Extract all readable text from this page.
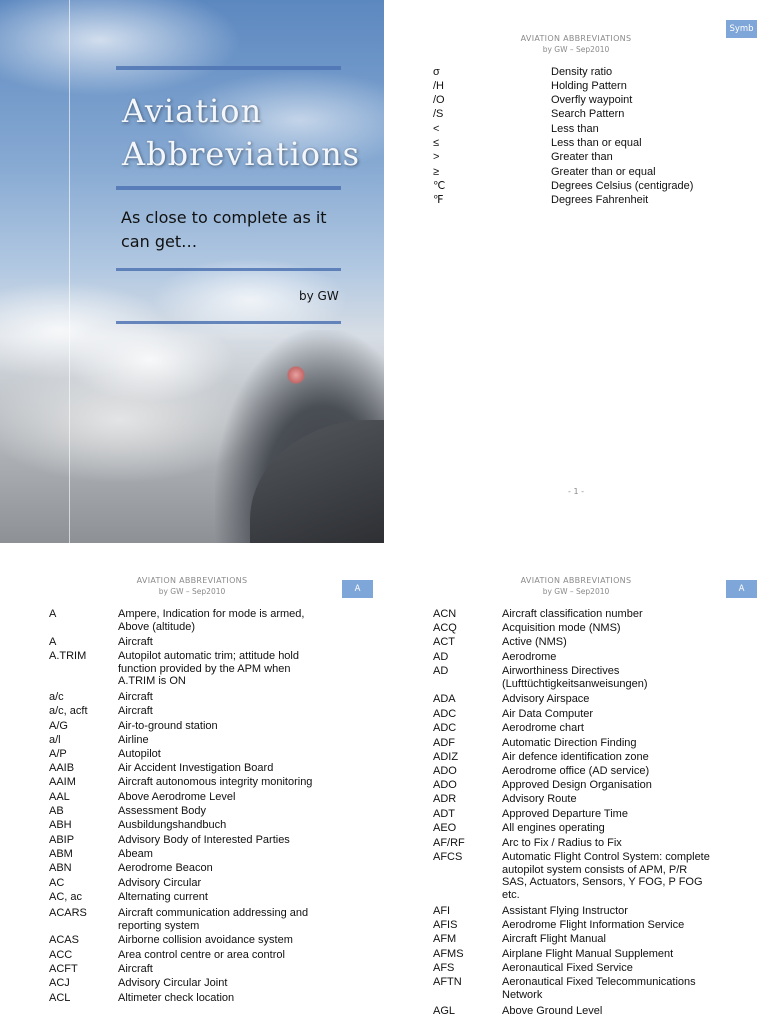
Aviation
Abbreviations

As close to complete as it can get…

by GW
AVIATION ABBREVIATIONS
by GW – Sep2010
Symb
σ	Density ratio
/H	Holding Pattern
/O	Overfly waypoint
/S	Search Pattern
<	Less than
≤	Less than or equal
>	Greater than
≥	Greater than or equal
℃	Degrees Celsius (centigrade)
℉	Degrees Fahrenheit
- 1 -
AVIATION ABBREVIATIONS
by GW – Sep2010	A
A	Ampere, Indication for mode is armed, Above (altitude)
A	Aircraft
A.TRIM	Autopilot automatic trim; attitude hold function provided by the APM when A.TRIM is ON
a/c	Aircraft
a/c, acft	Aircraft
A/G	Air-to-ground station
a/l	Airline
A/P	Autopilot
AAIB	Air Accident Investigation Board
AAIM	Aircraft autonomous integrity monitoring
AAL	Above Aerodrome Level
AB	Assessment Body
ABH	Ausbildungshandbuch
ABIP	Advisory Body of Interested Parties
ABM	Abeam
ABN	Aerodrome Beacon
AC	Advisory Circular
AC, ac	Alternating current
ACARS	Aircraft communication addressing and reporting system
ACAS	Airborne collision avoidance system
ACC	Area control centre or area control
ACFT	Aircraft
ACJ	Advisory Circular Joint
ACL	Altimeter check location
AVIATION ABBREVIATIONS
by GW – Sep2010	A
ACN	Aircraft classification number
ACQ	Acquisition mode (NMS)
ACT	Active (NMS)
AD	Aerodrome
AD	Airworthiness Directives (Lufttüchtigkeitsanweisungen)
ADA	Advisory Airspace
ADC	Air Data Computer
ADC	Aerodrome chart
ADF	Automatic Direction Finding
ADIZ	Air defence identification zone
ADO	Aerodrome office (AD service)
ADO	Approved Design Organisation
ADR	Advisory Route
ADT	Approved Departure Time
AEO	All engines operating
AF/RF	Arc to Fix / Radius to Fix
AFCS	Automatic Flight Control System: complete autopilot system consists of APM, P/R SAS, Actuators, Sensors, Y FOG, P FOG etc.
AFI	Assistant Flying Instructor
AFIS	Aerodrome Flight Information Service
AFM	Aircraft Flight Manual
AFMS	Airplane Flight Manual Supplement
AFS	Aeronautical Fixed Service
AFTN	Aeronautical Fixed Telecommunications Network
AGL	Above Ground Level
